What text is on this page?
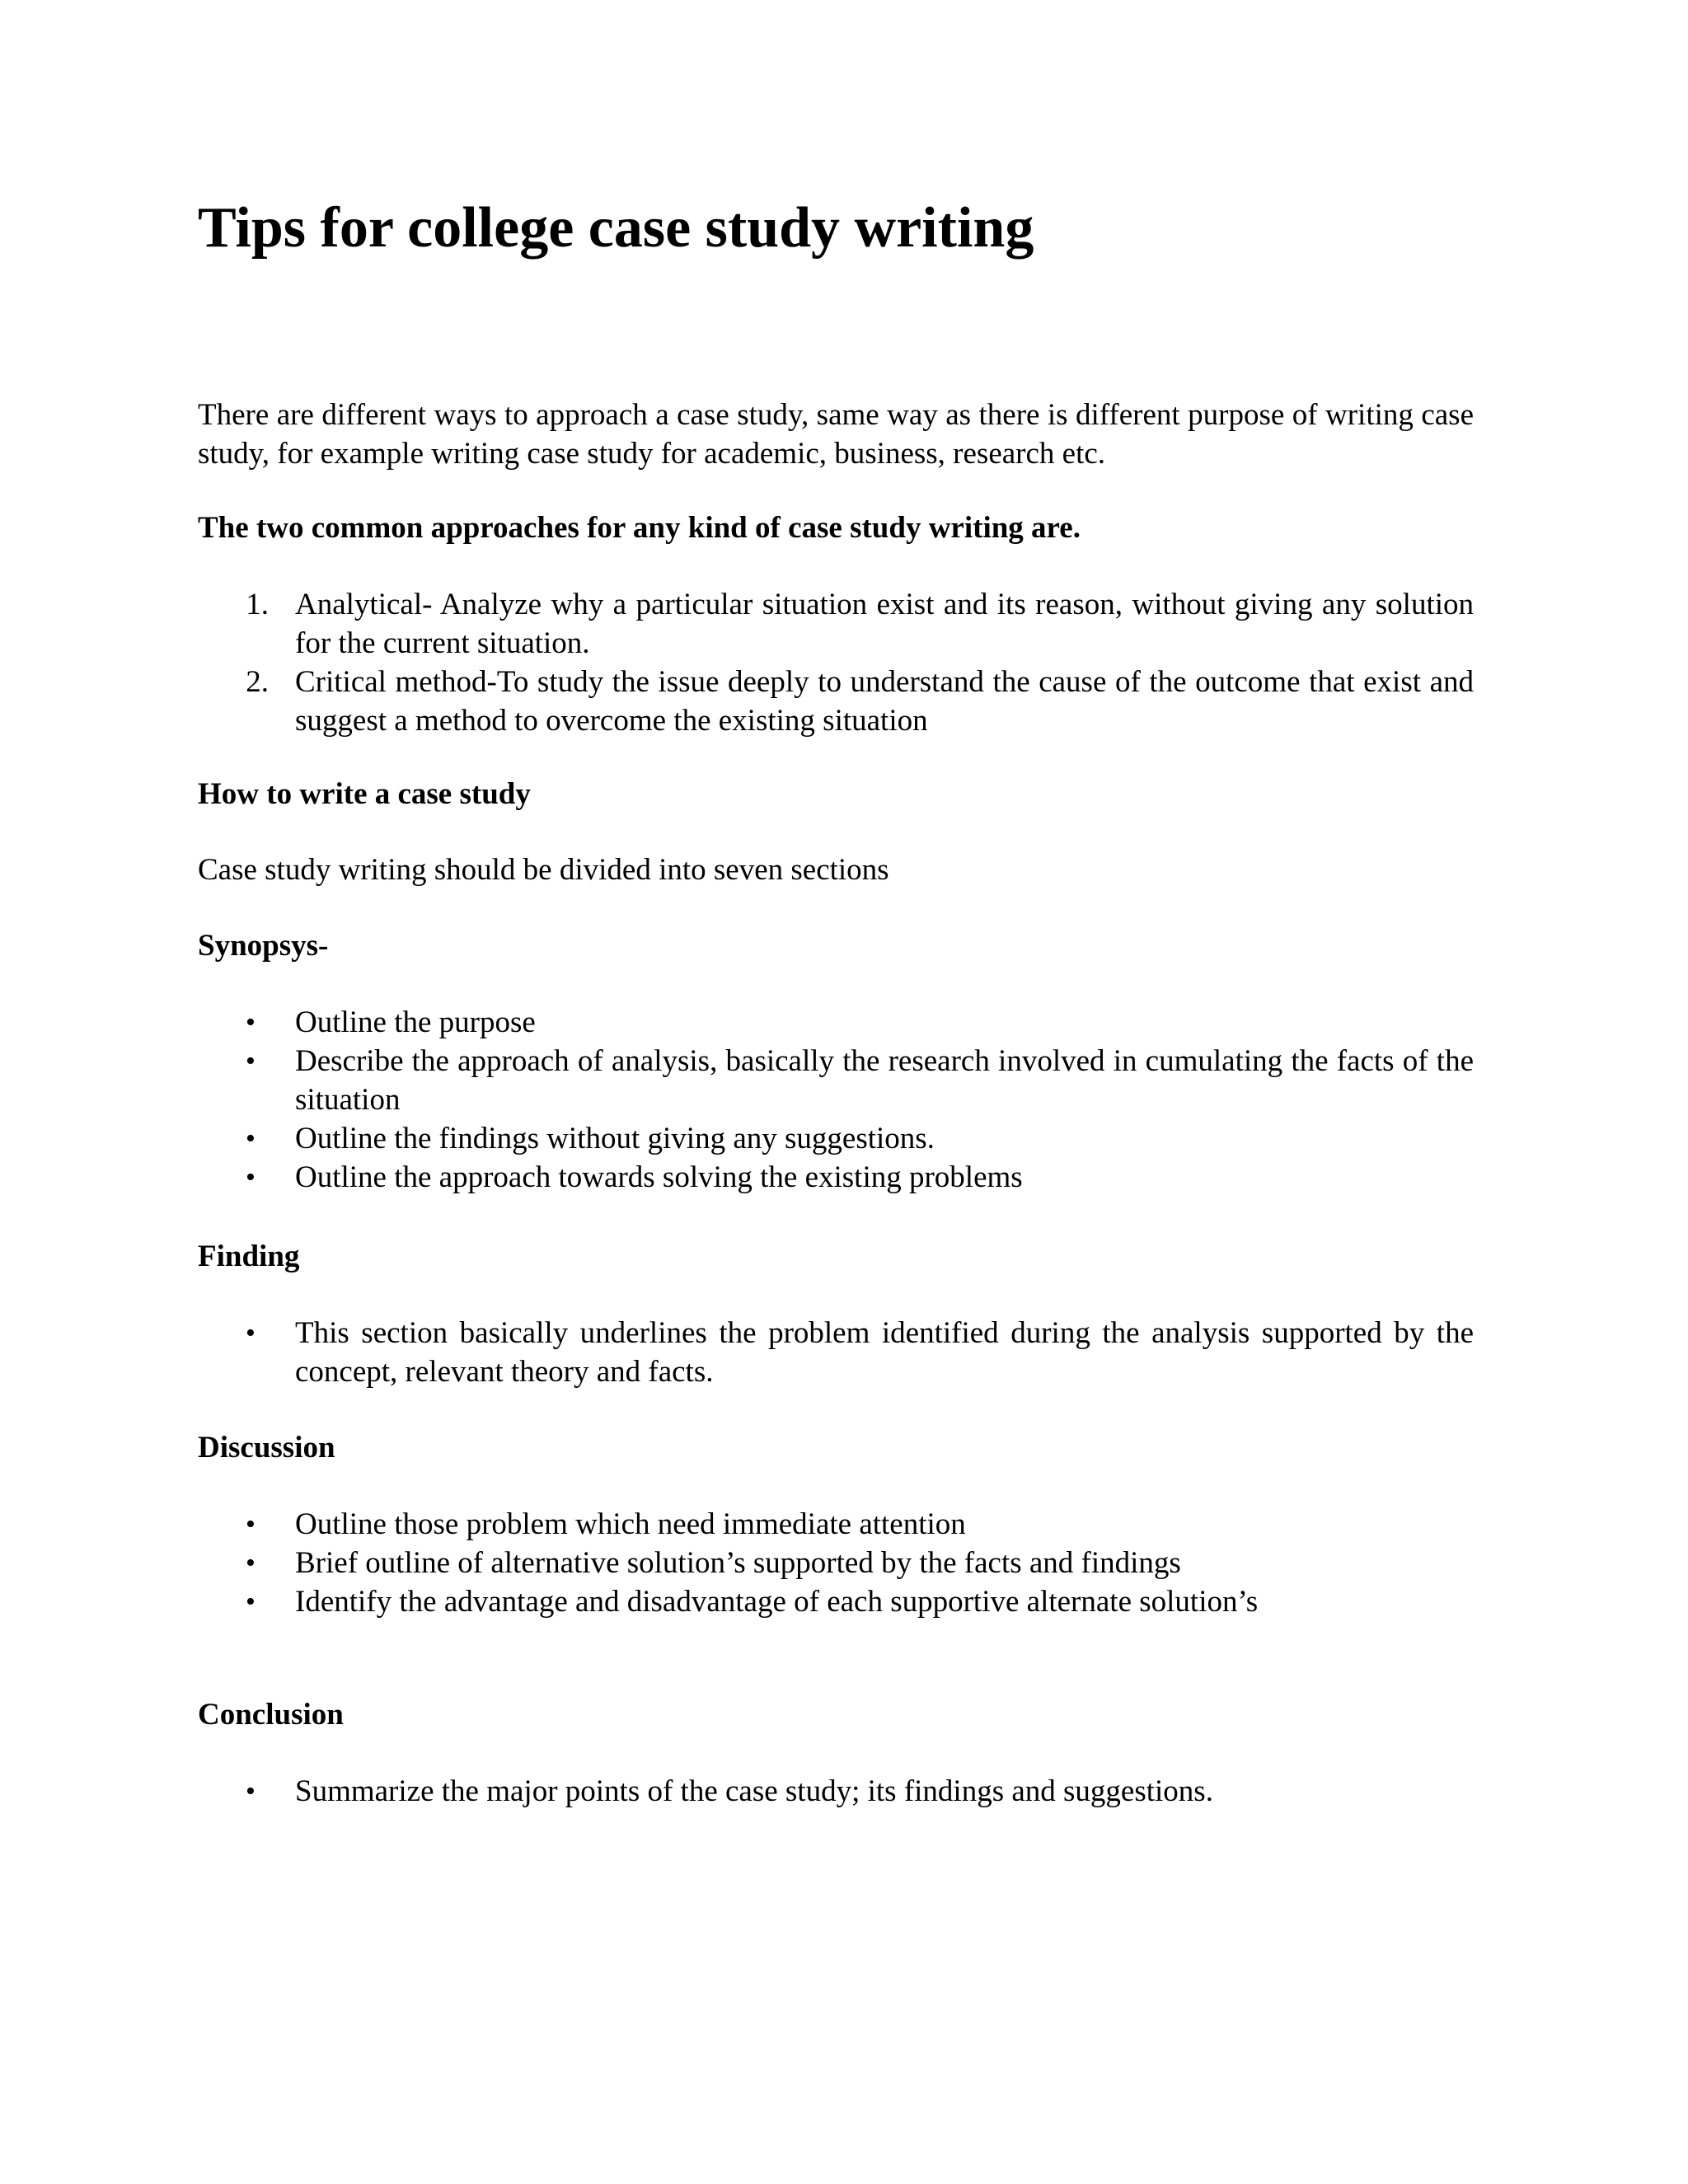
Tips for college case study writing

There are different ways to approach a case study, same way as there is different purpose of writing case study, for example writing case study for academic, business, research etc.

The two common approaches for any kind of case study writing are.
1. Analytical- Analyze why a particular situation exist and its reason, without giving any solution for the current situation.
2. Critical method-To study the issue deeply to understand the cause of the outcome that exist and suggest a method to overcome the existing situation
How to write a case study

Case study writing should be divided into seven sections

Synopsys-
• Outline the purpose
• Describe the approach of analysis, basically the research involved in cumulating the facts of the situation
• Outline the findings without giving any suggestions.
• Outline the approach towards solving the existing problems
Finding
• This section basically underlines the problem identified during the analysis supported by the concept, relevant theory and facts.
Discussion
• Outline those problem which need immediate attention
• Brief outline of alternative solution’s supported by the facts and findings
• Identify the advantage and disadvantage of each supportive alternate solution’s
Conclusion
• Summarize the major points of the case study; its findings and suggestions.
